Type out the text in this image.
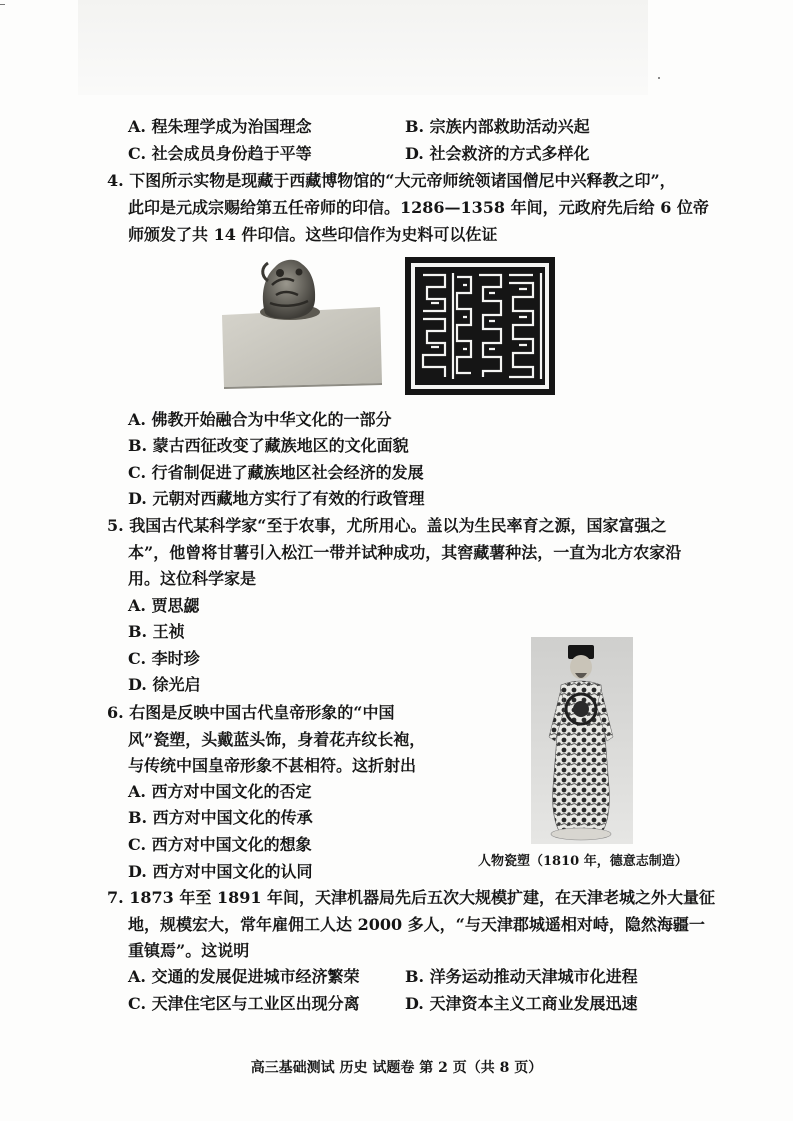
A. 程朱理学成为治国理念	B. 宗族内部救助活动兴起
C. 社会成员身份趋于平等	D. 社会救济的方式多样化
4. 下图所示实物是现藏于西藏博物馆的“大元帝师统领诸国僧尼中兴释教之印”，
此印是元成宗赐给第五任帝师的印信。1286—1358 年间，元政府先后给 6 位帝
师颁发了共 14 件印信。这些印信作为史料可以佐证
A. 佛教开始融合为中华文化的一部分
B. 蒙古西征改变了藏族地区的文化面貌
C. 行省制促进了藏族地区社会经济的发展
D. 元朝对西藏地方实行了有效的行政管理
5. 我国古代某科学家“至于农事，尤所用心。盖以为生民率育之源，国家富强之
本”，他曾将甘薯引入松江一带并试种成功，其窖藏薯种法，一直为北方农家沿
用。这位科学家是
A. 贾思勰
B. 王祯
C. 李时珍
D. 徐光启
6. 右图是反映中国古代皇帝形象的“中国
风”瓷塑，头戴蓝头饰，身着花卉纹长袍，
与传统中国皇帝形象不甚相符。这折射出
A. 西方对中国文化的否定
B. 西方对中国文化的传承
C. 西方对中国文化的想象
D. 西方对中国文化的认同
人物瓷塑（1810 年，德意志制造）
7. 1873 年至 1891 年间，天津机器局先后五次大规模扩建，在天津老城之外大量征
地，规模宏大，常年雇佣工人达 2000 多人，“与天津郡城遥相对峙，隐然海疆一
重镇焉”。这说明
A. 交通的发展促进城市经济繁荣	B. 洋务运动推动天津城市化进程
C. 天津住宅区与工业区出现分离	D. 天津资本主义工商业发展迅速
高三基础测试 历史 试题卷 第 2 页（共 8 页）
